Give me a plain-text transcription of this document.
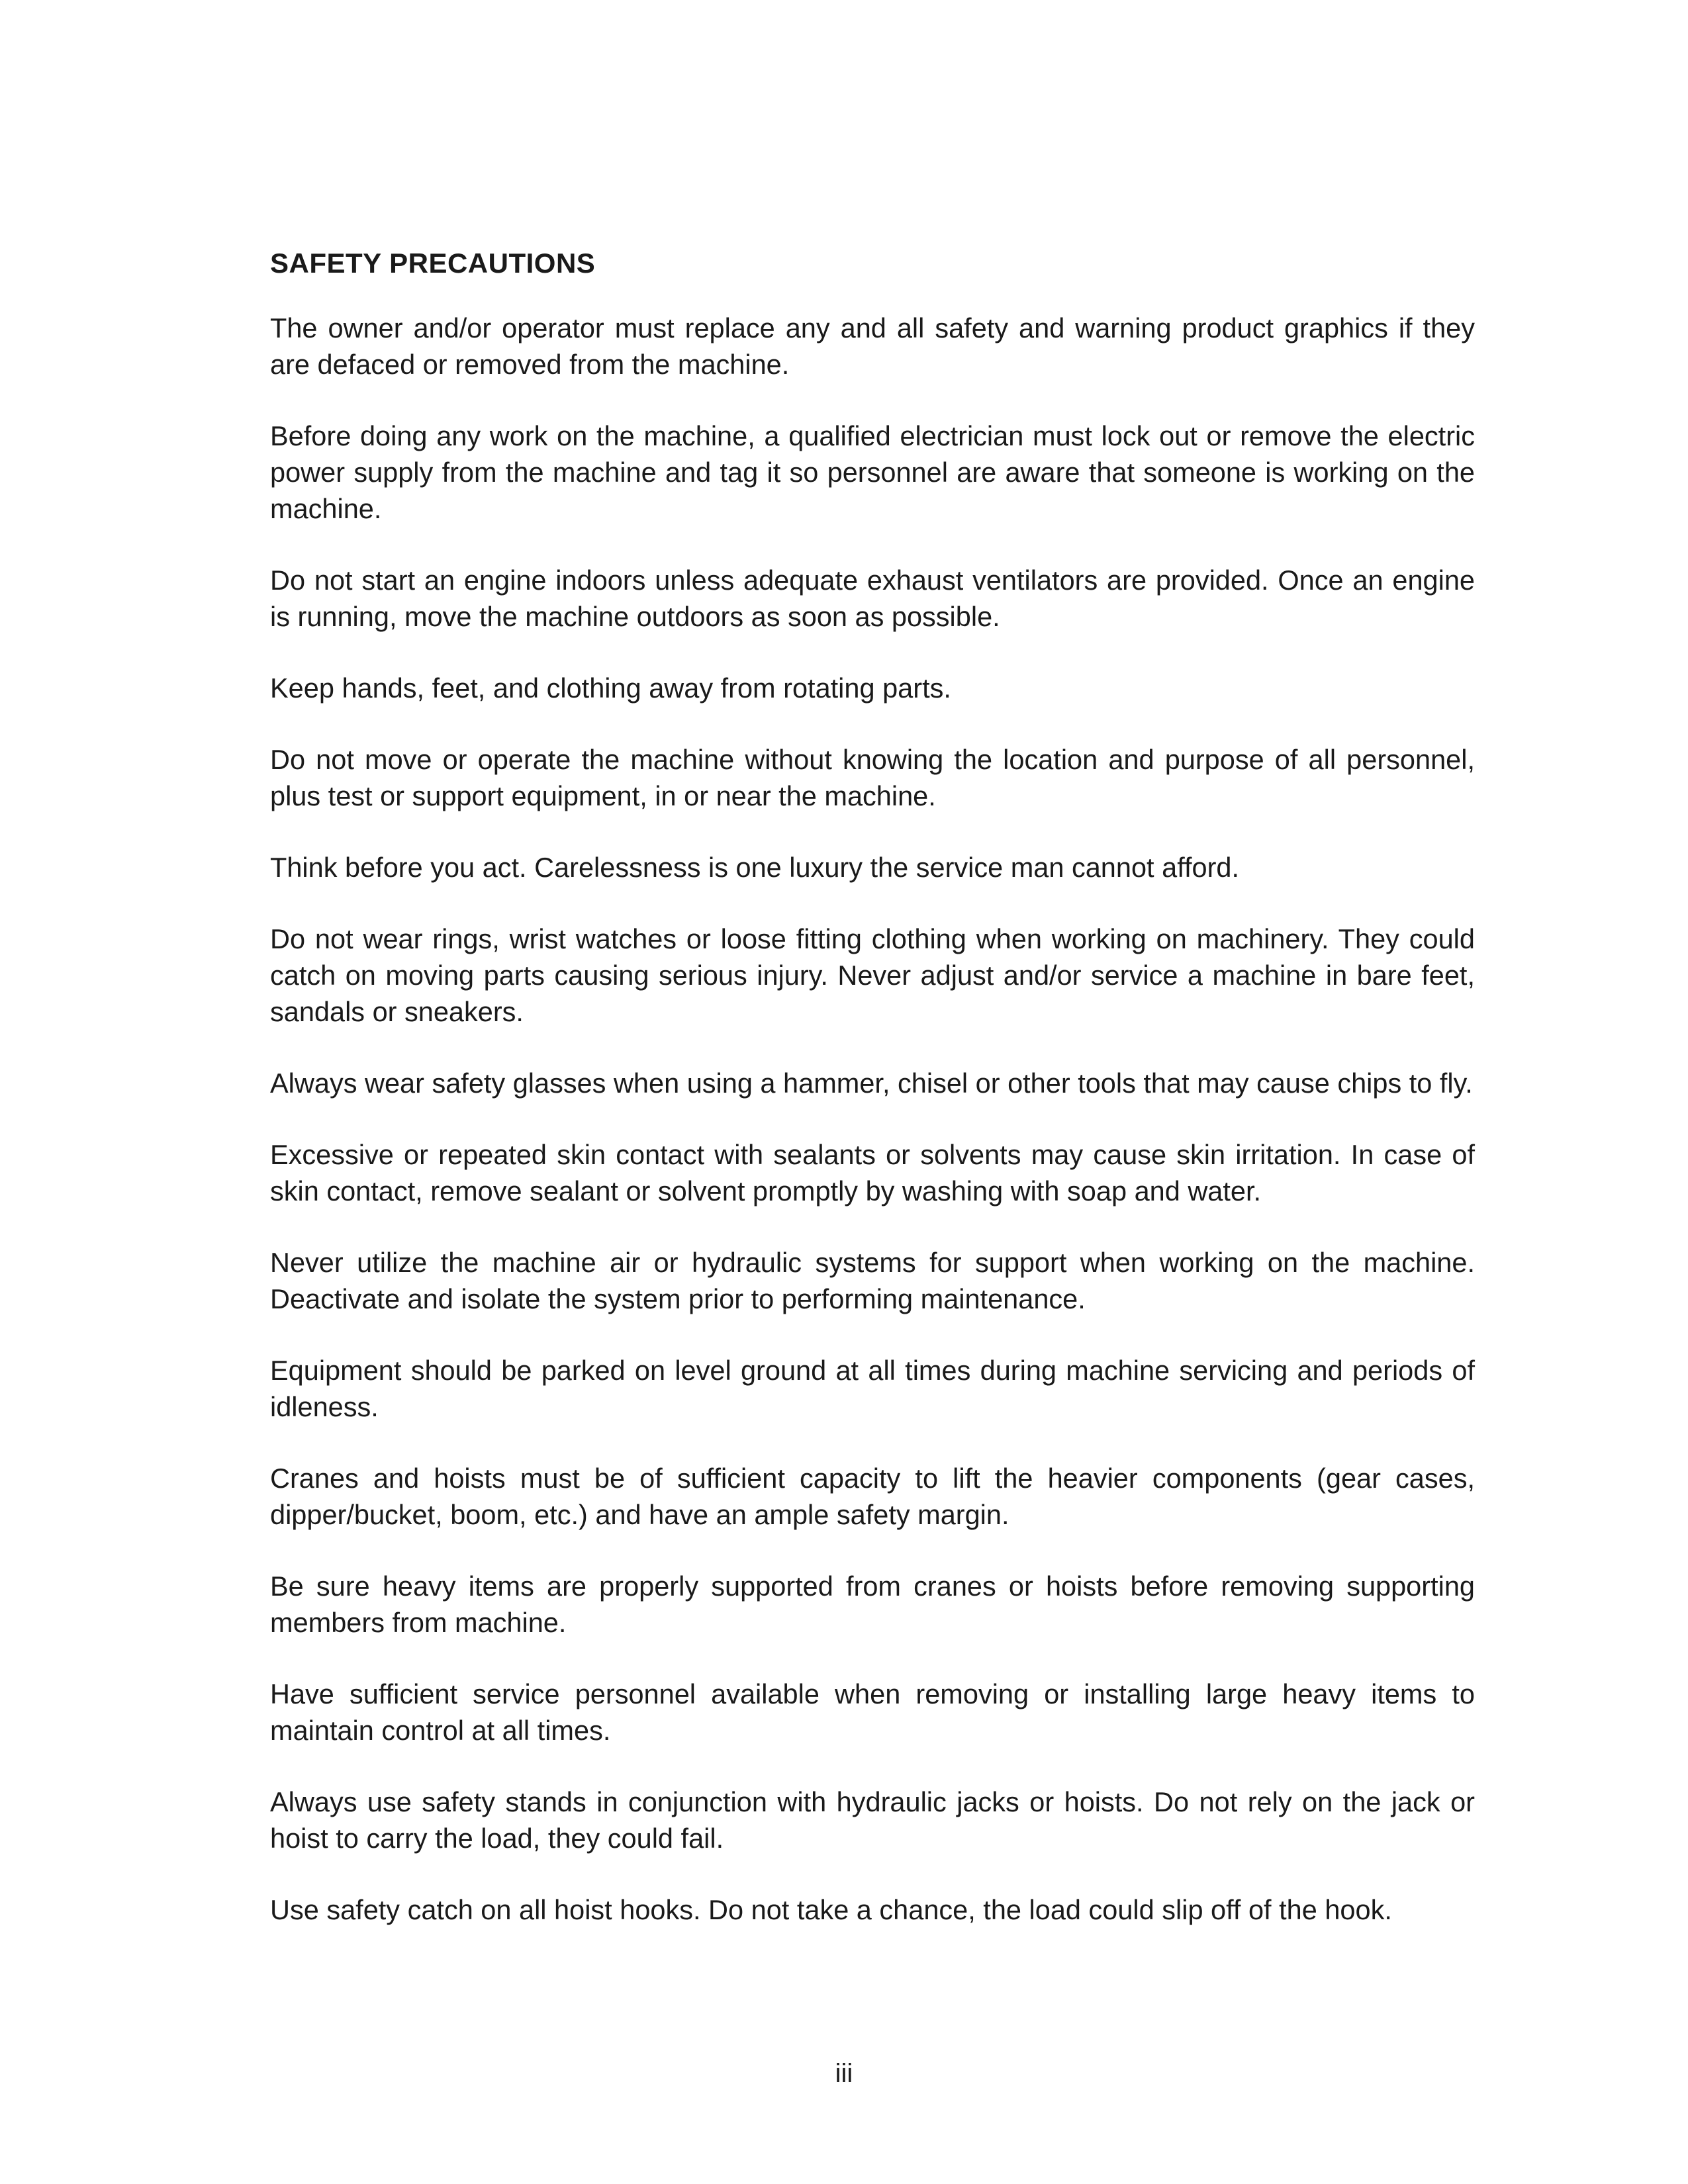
SAFETY PRECAUTIONS

The owner and/or operator must replace any and all safety and warning product graphics if they are defaced or removed from the machine.

Before doing any work on the machine, a qualified electrician must lock out or remove the electric power supply from the machine and tag it so personnel are aware that someone is working on the machine.

Do not start an engine indoors unless adequate exhaust ventilators are provided. Once an engine is running, move the machine outdoors as soon as possible.

Keep hands, feet, and clothing away from rotating parts.

Do not move or operate the machine without knowing the location and purpose of all personnel, plus test or support equipment, in or near the machine.

Think before you act. Carelessness is one luxury the service man cannot afford.

Do not wear rings, wrist watches or loose fitting clothing when working on machinery. They could catch on moving parts causing serious injury. Never adjust and/or service a machine in bare feet, sandals or sneakers.

Always wear safety glasses when using a hammer, chisel or other tools that may cause chips to fly.

Excessive or repeated skin contact with sealants or solvents may cause skin irritation. In case of skin contact, remove sealant or solvent promptly by washing with soap and water.

Never utilize the machine air or hydraulic systems for support when working on the machine. Deactivate and isolate the system prior to performing maintenance.

Equipment should be parked on level ground at all times during machine servicing and periods of idleness.

Cranes and hoists must be of sufficient capacity to lift the heavier components (gear cases, dipper/bucket, boom, etc.) and have an ample safety margin.

Be sure heavy items are properly supported from cranes or hoists before removing supporting members from machine.

Have sufficient service personnel available when removing or installing large heavy items to maintain control at all times.

Always use safety stands in conjunction with hydraulic jacks or hoists. Do not rely on the jack or hoist to carry the load, they could fail.

Use safety catch on all hoist hooks. Do not take a chance, the load could slip off of the hook.

iii
